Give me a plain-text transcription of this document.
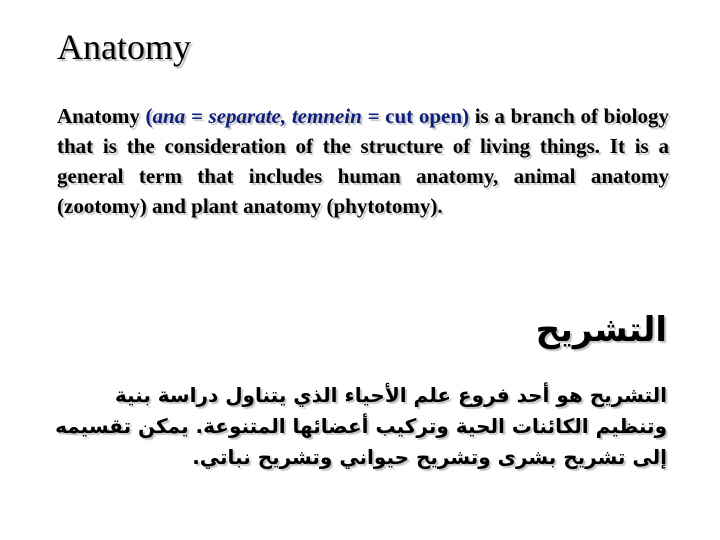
Anatomy

Anatomy (ana = separate, temnein = cut open) is a branch of biology that is the consideration of the structure of living things. It is a general term that includes human anatomy, animal anatomy (zootomy) and plant anatomy (phytotomy).

التشريح

التشريح هو أحد فروع علم الأحياء الذي يتناول دراسة بنية
وتنظيم الكائنات الحية وتركيب أعضائها المتنوعة. يمكن تقسيمه
إلى تشريح بشرى وتشريح حيواني وتشريح نباتي.
